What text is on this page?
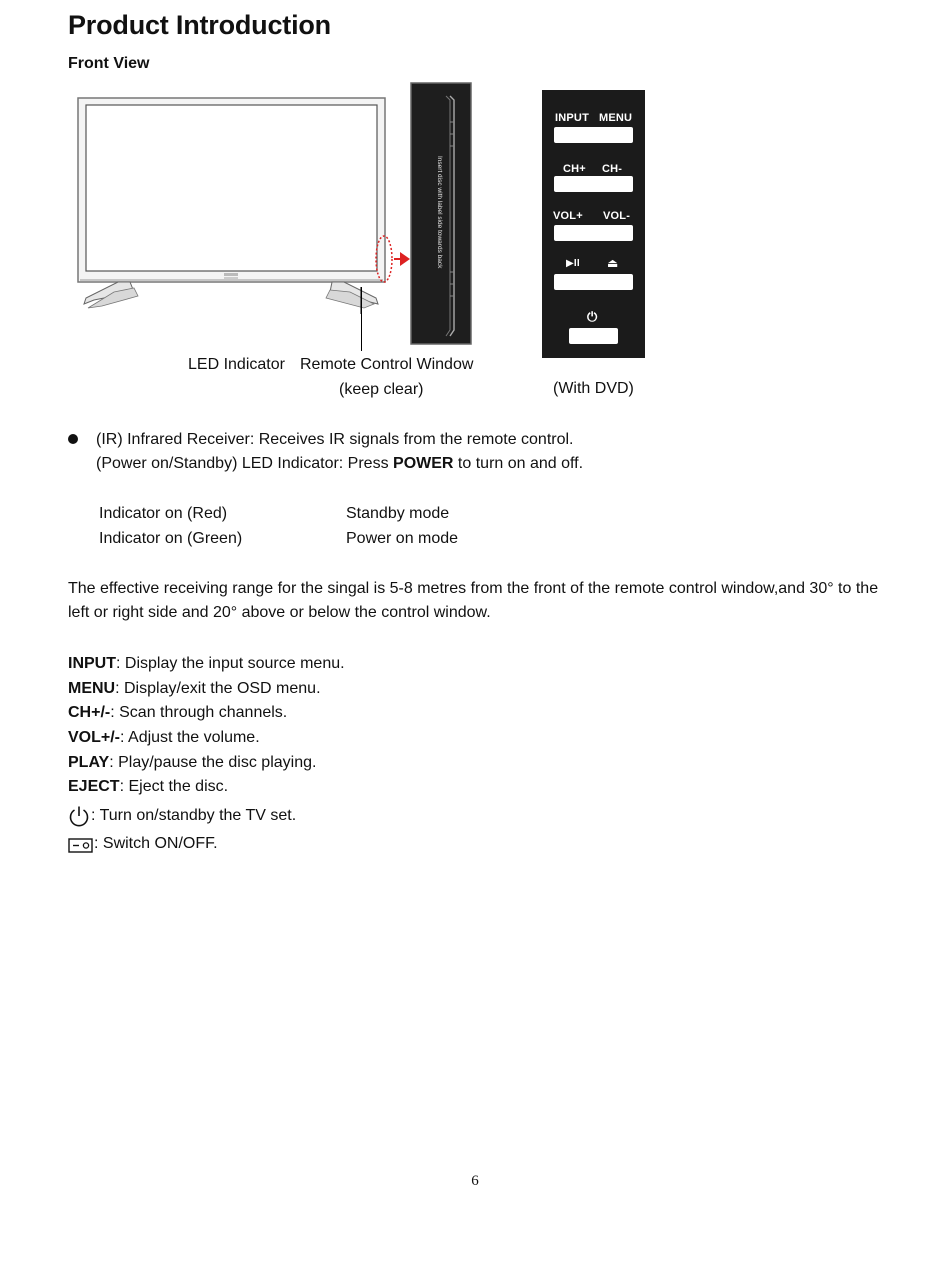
Product Introduction
Front View
Insert disc with label side towards back
INPUT MENU
CH+ CH-
VOL+ VOL-
▶II ⏏
⏻
LED Indicator Remote Control Window
(keep clear)	(With DVD)
(IR) Infrared Receiver: Receives IR signals from the remote control.
(Power on/Standby) LED Indicator: Press POWER to turn on and off.
Indicator on (Red)	Standby mode
Indicator on (Green)	Power on mode
The effective receiving range for the singal is 5-8 metres from the front of the remote control window,and 30° to the
left or right side and 20° above or below the control window.
INPUT: Display the input source menu.
MENU: Display/exit the OSD menu.
CH+/-: Scan through channels.
VOL+/-: Adjust the volume.
PLAY: Play/pause the disc playing.
EJECT: Eject the disc.
: Turn on/standby the TV set.
: Switch ON/OFF.
6
